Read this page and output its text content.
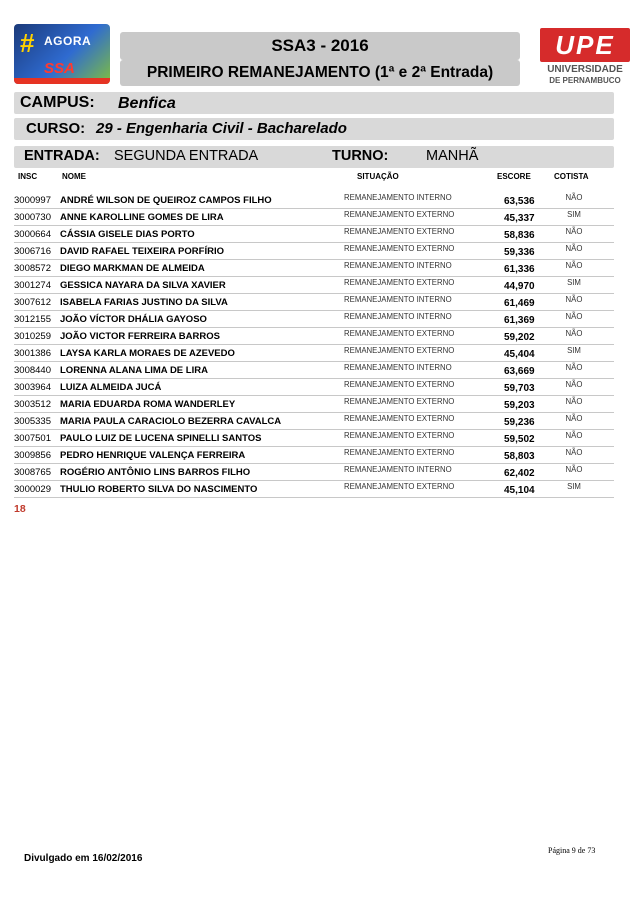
# AGORA
SSA
SSA3 - 2016
PRIMEIRO REMANEJAMENTO (1ª e 2ª Entrada)
UPE
UNIVERSIDADE
DE PERNAMBUCO
CAMPUS: Benfica
CURSO: 29 - Engenharia Civil - Bacharelado
ENTRADA: SEGUNDA ENTRADA	TURNO:	MANHÃ
INSC	NOME	SITUAÇÃO	ESCORE	COTISTA
3000997 ANDRÉ WILSON DE QUEIROZ CAMPOS FILHO	REMANEJAMENTO INTERNO	63,536	NÃO
3000730 ANNE KAROLLINE GOMES DE LIRA	REMANEJAMENTO EXTERNO	45,337	SIM
3000664 CÁSSIA GISELE DIAS PORTO	REMANEJAMENTO EXTERNO	58,836	NÃO
3006716 DAVID RAFAEL TEIXEIRA PORFÍRIO	REMANEJAMENTO EXTERNO	59,336	NÃO
3008572 DIEGO MARKMAN DE ALMEIDA	REMANEJAMENTO INTERNO	61,336	NÃO
3001274 GESSICA NAYARA DA SILVA XAVIER	REMANEJAMENTO EXTERNO	44,970	SIM
3007612 ISABELA FARIAS JUSTINO DA SILVA	REMANEJAMENTO INTERNO	61,469	NÃO
3012155 JOÃO VÍCTOR DHÁLIA GAYOSO	REMANEJAMENTO INTERNO	61,369	NÃO
3010259 JOÃO VICTOR FERREIRA BARROS	REMANEJAMENTO EXTERNO	59,202	NÃO
3001386 LAYSA KARLA MORAES DE AZEVEDO	REMANEJAMENTO EXTERNO	45,404	SIM
3008440 LORENNA ALANA LIMA DE LIRA	REMANEJAMENTO INTERNO	63,669	NÃO
3003964 LUIZA ALMEIDA JUCÁ	REMANEJAMENTO EXTERNO	59,703	NÃO
3003512 MARIA EDUARDA ROMA WANDERLEY	REMANEJAMENTO EXTERNO	59,203	NÃO
3005335 MARIA PAULA CARACIOLO BEZERRA CAVALCA	REMANEJAMENTO EXTERNO	59,236	NÃO
3007501 PAULO LUIZ DE LUCENA SPINELLI SANTOS	REMANEJAMENTO EXTERNO	59,502	NÃO
3009856 PEDRO HENRIQUE VALENÇA FERREIRA	REMANEJAMENTO EXTERNO	58,803	NÃO
3008765 ROGÉRIO ANTÔNIO LINS BARROS FILHO	REMANEJAMENTO INTERNO	62,402	NÃO
3000029 THULIO ROBERTO SILVA DO NASCIMENTO	REMANEJAMENTO EXTERNO	45,104	SIM
18
Divulgado em 16/02/2016
Página 9 de 73
